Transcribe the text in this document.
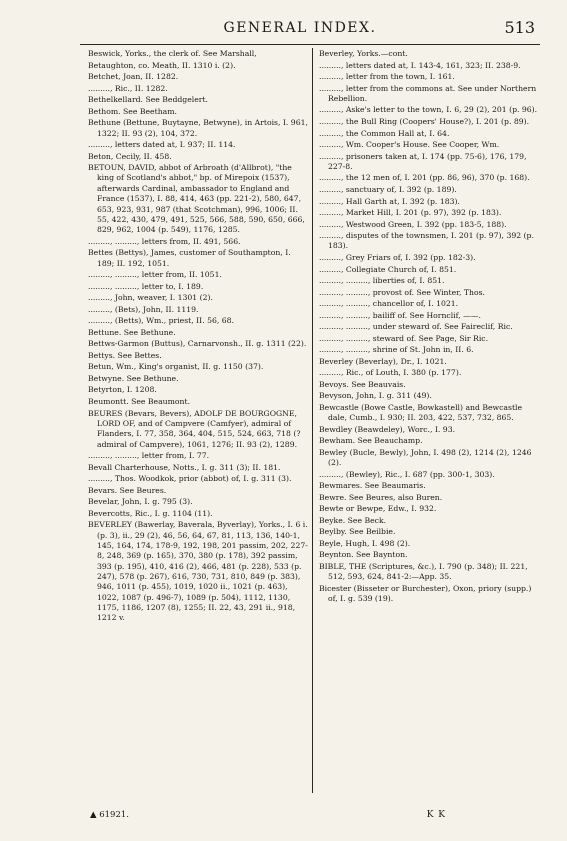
GENERAL INDEX.	513

Beswick, Yorks., the clerk of. See Marshall,

Betaughton, co. Meath, II. 1310 i. (2).

Betchet, Joan, II. 1282.

........., Ric., II. 1282.

Bethelkellard. See Beddgelert.

Bethom. See Beetham.

Bethune (Bettune, Buytayne, Betwyne), in Artois, I. 961, 1322; II. 93 (2), 104, 372.

........., letters dated at, I. 937; II. 114.

Beton, Cecily, II. 458.

BETOUN, DAVID, abbot of Arbroath (d'Allbrot), "the king of Scotland's abbot," bp. of Mirepoix (1537), afterwards Cardinal, ambassador to England and France (1537), I. 88, 414, 463 (pp. 221-2), 580, 647, 653, 923, 931, 987 (that Scotchman), 996, 1006; II. 55, 422, 430, 479, 491, 525, 566, 588, 590, 650, 666, 829, 962, 1004 (p. 549), 1176, 1285.

........., ........., letters from, II. 491, 566.

Bettes (Bettys), James, customer of Southampton, I. 189; II. 192, 1051.

........., ........., letter from, II. 1051.

........., ........., letter to, I. 189.

........., John, weaver, I. 1301 (2).

........., (Bets), John, II. 1119.

........., (Betts), Wm., priest, II. 56, 68.

Bettune. See Bethune.

Bettws-Garmon (Buttus), Carnarvonsh., II. g. 1311 (22).

Bettys. See Bettes.

Betun, Wm., King's organist, II. g. 1150 (37).

Betwyne. See Bethune.

Betyrton, I. 1208.

Beumontt. See Beaumont.

BEURES (Bevars, Bevers), ADOLF DE BOURGOGNE, LORD OF, and of Campvere (Camfyer), admiral of Flanders, I. 77, 358, 364, 404, 515, 524, 663, 718 (?admiral of Campvere), 1061, 1276; II. 93 (2), 1289.

........., ........., letter from, I. 77.

Bevall Charterhouse, Notts., I. g. 311 (3); II. 181.

........., Thos. Woodkok, prior (abbot) of, I. g. 311 (3).

Bevars. See Beures.

Bevelar, John, I. g. 795 (3).

Bevercotts, Ric., I. g. 1104 (11).

BEVERLEY (Bawerlay, Baverala, Byverlay), Yorks., I. 6 i. (p. 3), ii., 29 (2), 46, 56, 64, 67, 81, 113, 136, 140-1, 145, 164, 174, 178-9, 192, 198, 201 passim, 202, 227-8, 248, 369 (p. 165), 370, 380 (p. 178), 392 passim, 393 (p. 195), 410, 416 (2), 466, 481 (p. 228), 533 (p. 247), 578 (p. 267), 616, 730, 731, 810, 849 (p. 383), 946, 1011 (p. 455), 1019, 1020 ii., 1021 (p. 463), 1022, 1087 (p. 496-7), 1089 (p. 504), 1112, 1130, 1175, 1186, 1207 (8), 1255; II. 22, 43, 291 ii., 918, 1212 v.

Beverley, Yorks.—cont.

........., letters dated at, I. 143-4, 161, 323; II. 238-9.

........., letter from the town, I. 161.

........., letter from the commons at. See under Northern Rebellion.

........., Aske's letter to the town, I. 6, 29 (2), 201 (p. 96).

........., the Bull Ring (Coopers' House?), I. 201 (p. 89).

........., the Common Hall at, I. 64.

........., Wm. Cooper's House. See Cooper, Wm.

........., prisoners taken at, I. 174 (pp. 75-6), 176, 179, 227-8.

........., the 12 men of, I. 201 (pp. 86, 96), 370 (p. 168).

........., sanctuary of, I. 392 (p. 189).

........., Hall Garth at, I. 392 (p. 183).

........., Market Hill, I. 201 (p. 97), 392 (p. 183).

........., Westwood Green, I. 392 (pp. 183-5, 188).

........., disputes of the townsmen, I. 201 (p. 97), 392 (p. 183).

........., Grey Friars of, I. 392 (pp. 182-3).

........., Collegiate Church of, I. 851.

........., ........., liberties of, I. 851.

........., ........., provost of. See Winter, Thos.

........., ........., chancellor of, I. 1021.

........., ........., bailiff of. See Hornclif, ——.

........., ........., under steward of. See Faireclif, Ric.

........., ........., steward of. See Page, Sir Ric.

........., ........., shrine of St. John in, II. 6.

Beverley (Beverlay), Dr., I. 1021.

........., Ric., of Louth, I. 380 (p. 177).

Bevoys. See Beauvais.

Bevyson, John, I. g. 311 (49).

Bewcastle (Bowe Castle, Bowkastell) and Bewcastle dale, Cumb., I. 930; II. 203, 422, 537, 732, 865.

Bewdley (Beawdeley), Worc., I. 93.

Bewham. See Beauchamp.

Bewley (Bucle, Bewly), John, I. 498 (2), 1214 (2), 1246 (2).

........., (Bewley), Ric., I. 687 (pp. 300-1, 303).

Bewmares. See Beaumaris.

Bewre. See Beures, also Buren.

Bewte or Bewpe, Edw., I. 932.

Beyke. See Beck.

Beylby. See Beilbie.

Beyle, Hugh, I. 498 (2).

Beynton. See Baynton.

BIBLE, THE (Scriptures, &c.), I. 790 (p. 348); II. 221, 512, 593, 624, 841-2:—App. 35.

Bicester (Bisseter or Burchester), Oxon, priory (supp.) of, I. g. 539 (19).

▲ 61921.	K K
